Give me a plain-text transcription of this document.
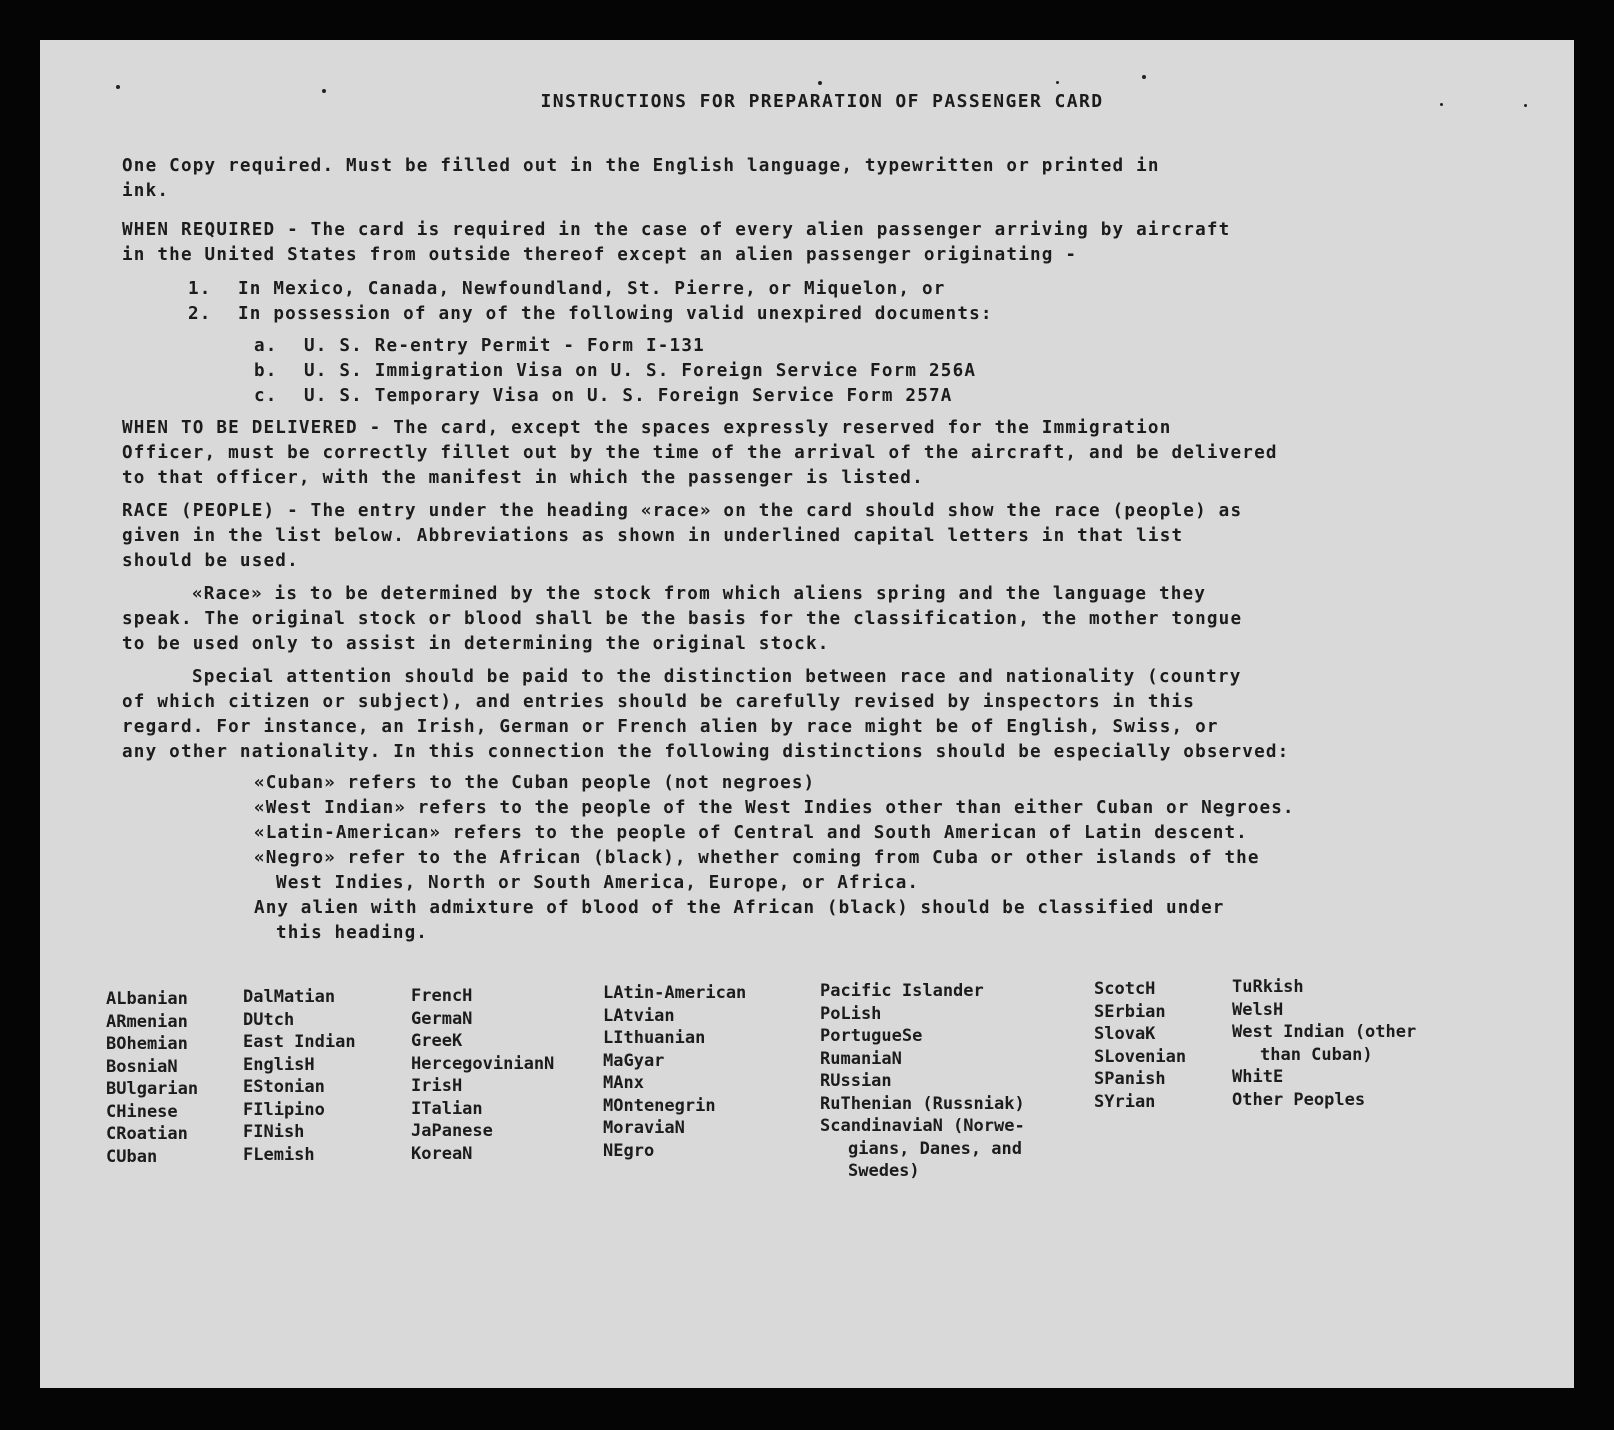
INSTRUCTIONS FOR PREPARATION OF PASSENGER CARD

One Copy required. Must be filled out in the English language, typewritten or printed in

ink.

WHEN REQUIRED - The card is required in the case of every alien passenger arriving by aircraft

in the United States from outside thereof except an alien passenger originating -

1. In Mexico, Canada, Newfoundland, St. Pierre, or Miquelon, or
2. In possession of any of the following valid unexpired documents:
a. U. S. Re-entry Permit - Form I-131
b. U. S. Immigration Visa on U. S. Foreign Service Form 256A
c. U. S. Temporary Visa on U. S. Foreign Service Form 257A

WHEN TO BE DELIVERED - The card, except the spaces expressly reserved for the Immigration

Officer, must be correctly fillet out by the time of the arrival of the aircraft, and be delivered

to that officer, with the manifest in which the passenger is listed.

RACE (PEOPLE) - The entry under the heading «race» on the card should show the race (people) as

given in the list below. Abbreviations as shown in underlined capital letters in that list

should be used.

«Race» is to be determined by the stock from which aliens spring and the language they

speak. The original stock or blood shall be the basis for the classification, the mother tongue

to be used only to assist in determining the original stock.

Special attention should be paid to the distinction between race and nationality (country

of which citizen or subject), and entries should be carefully revised by inspectors in this

regard. For instance, an Irish, German or French alien by race might be of English, Swiss, or

any other nationality. In this connection the following distinctions should be especially observed:

«Cuban» refers to the Cuban people (not negroes)
«West Indian» refers to the people of the West Indies other than either Cuban or Negroes.
«Latin-American» refers to the people of Central and South American of Latin descent.
«Negro» refer to the African (black), whether coming from Cuba or other islands of the
West Indies, North or South America, Europe, or Africa.
Any alien with admixture of blood of the African (black) should be classified under
this heading.
ALbanian
ARmenian
BOhemian
BosniaN
BUlgarian
CHinese
CRoatian
CUban
DalMatian
DUtch
East Indian
EnglisH
EStonian
FIlipino
FINish
FLemish
FrencH
GermaN
GreeK
HercegovinianN
IrisH
ITalian
JaPanese
KoreaN
LAtin-American
LAtvian
LIthuanian
MaGyar
MAnx
MOntenegrin
MoraviaN
NEgro
Pacific Islander
PoLish
PortugueSe
RumaniaN
RUssian
RuThenian (Russniak)
ScandinaviaN (Norwe-
gians, Danes, and
Swedes)
ScotcH
SErbian
SlovaK
SLovenian
SPanish
SYrian
TuRkish
WelsH
West Indian (other
than Cuban)
WhitE
Other Peoples
